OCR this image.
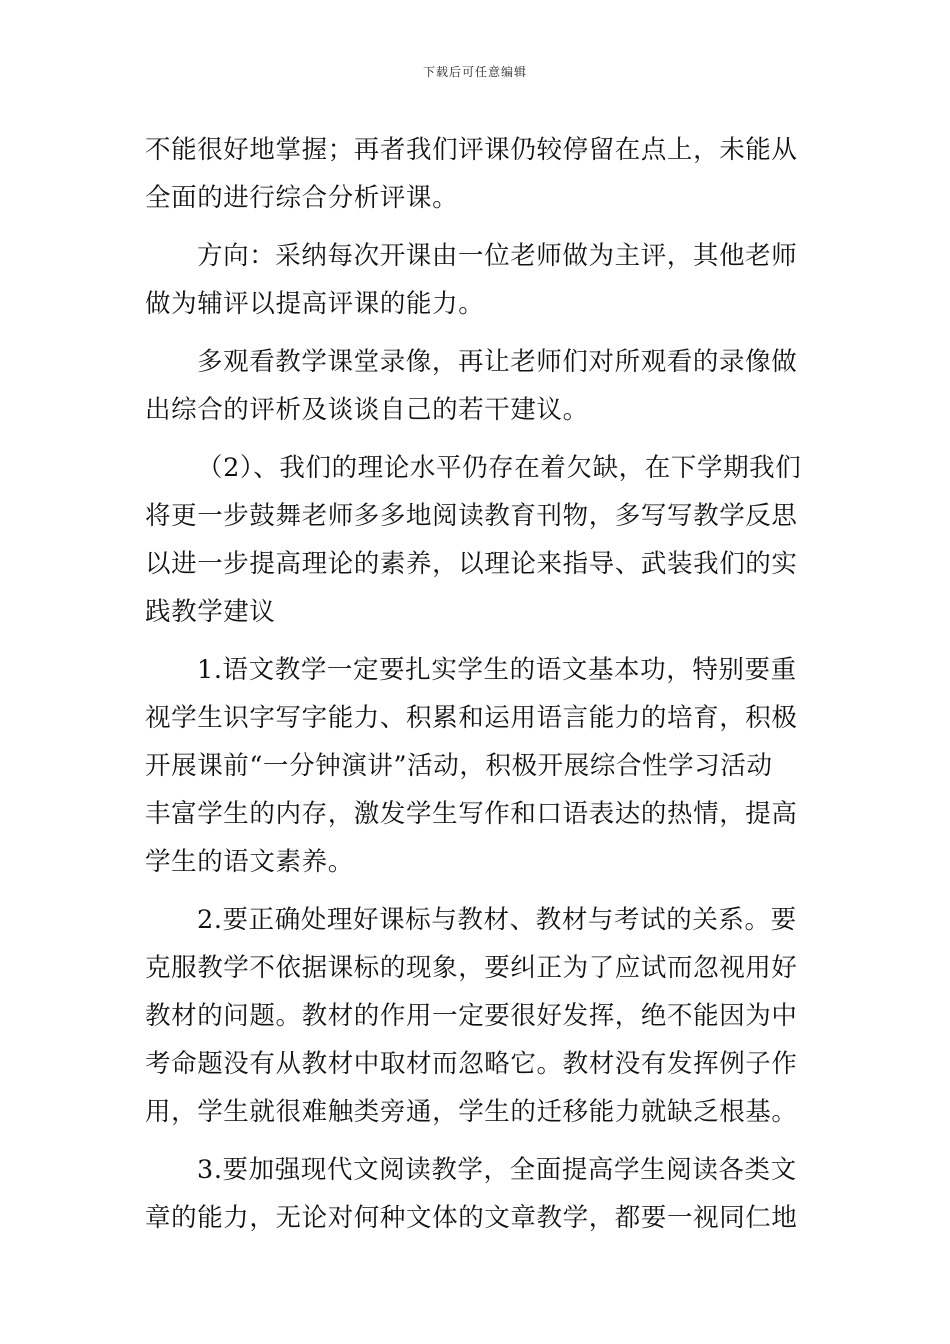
下载后可任意编辑
不能很好地掌握；再者我们评课仍较停留在点上，未能从
全面的进行综合分析评课。
方向：采纳每次开课由一位老师做为主评，其他老师
做为辅评以提高评课的能力。
多观看教学课堂录像，再让老师们对所观看的录像做
出综合的评析及谈谈自己的若干建议。
（2）、我们的理论水平仍存在着欠缺，在下学期我们
将更一步鼓舞老师多多地阅读教育刊物，多写写教学反思
以进一步提高理论的素养，以理论来指导、武装我们的实
践教学建议
1.语文教学一定要扎实学生的语文基本功，特别要重
视学生识字写字能力、积累和运用语言能力的培育，积极
开展课前“一分钟演讲”活动，积极开展综合性学习活动
丰富学生的内存，激发学生写作和口语表达的热情，提高
学生的语文素养。
2.要正确处理好课标与教材、教材与考试的关系。要
克服教学不依据课标的现象，要纠正为了应试而忽视用好
教材的问题。教材的作用一定要很好发挥，绝不能因为中
考命题没有从教材中取材而忽略它。教材没有发挥例子作
用，学生就很难触类旁通，学生的迁移能力就缺乏根基。
3.要加强现代文阅读教学，全面提高学生阅读各类文
章的能力，无论对何种文体的文章教学，都要一视同仁地
